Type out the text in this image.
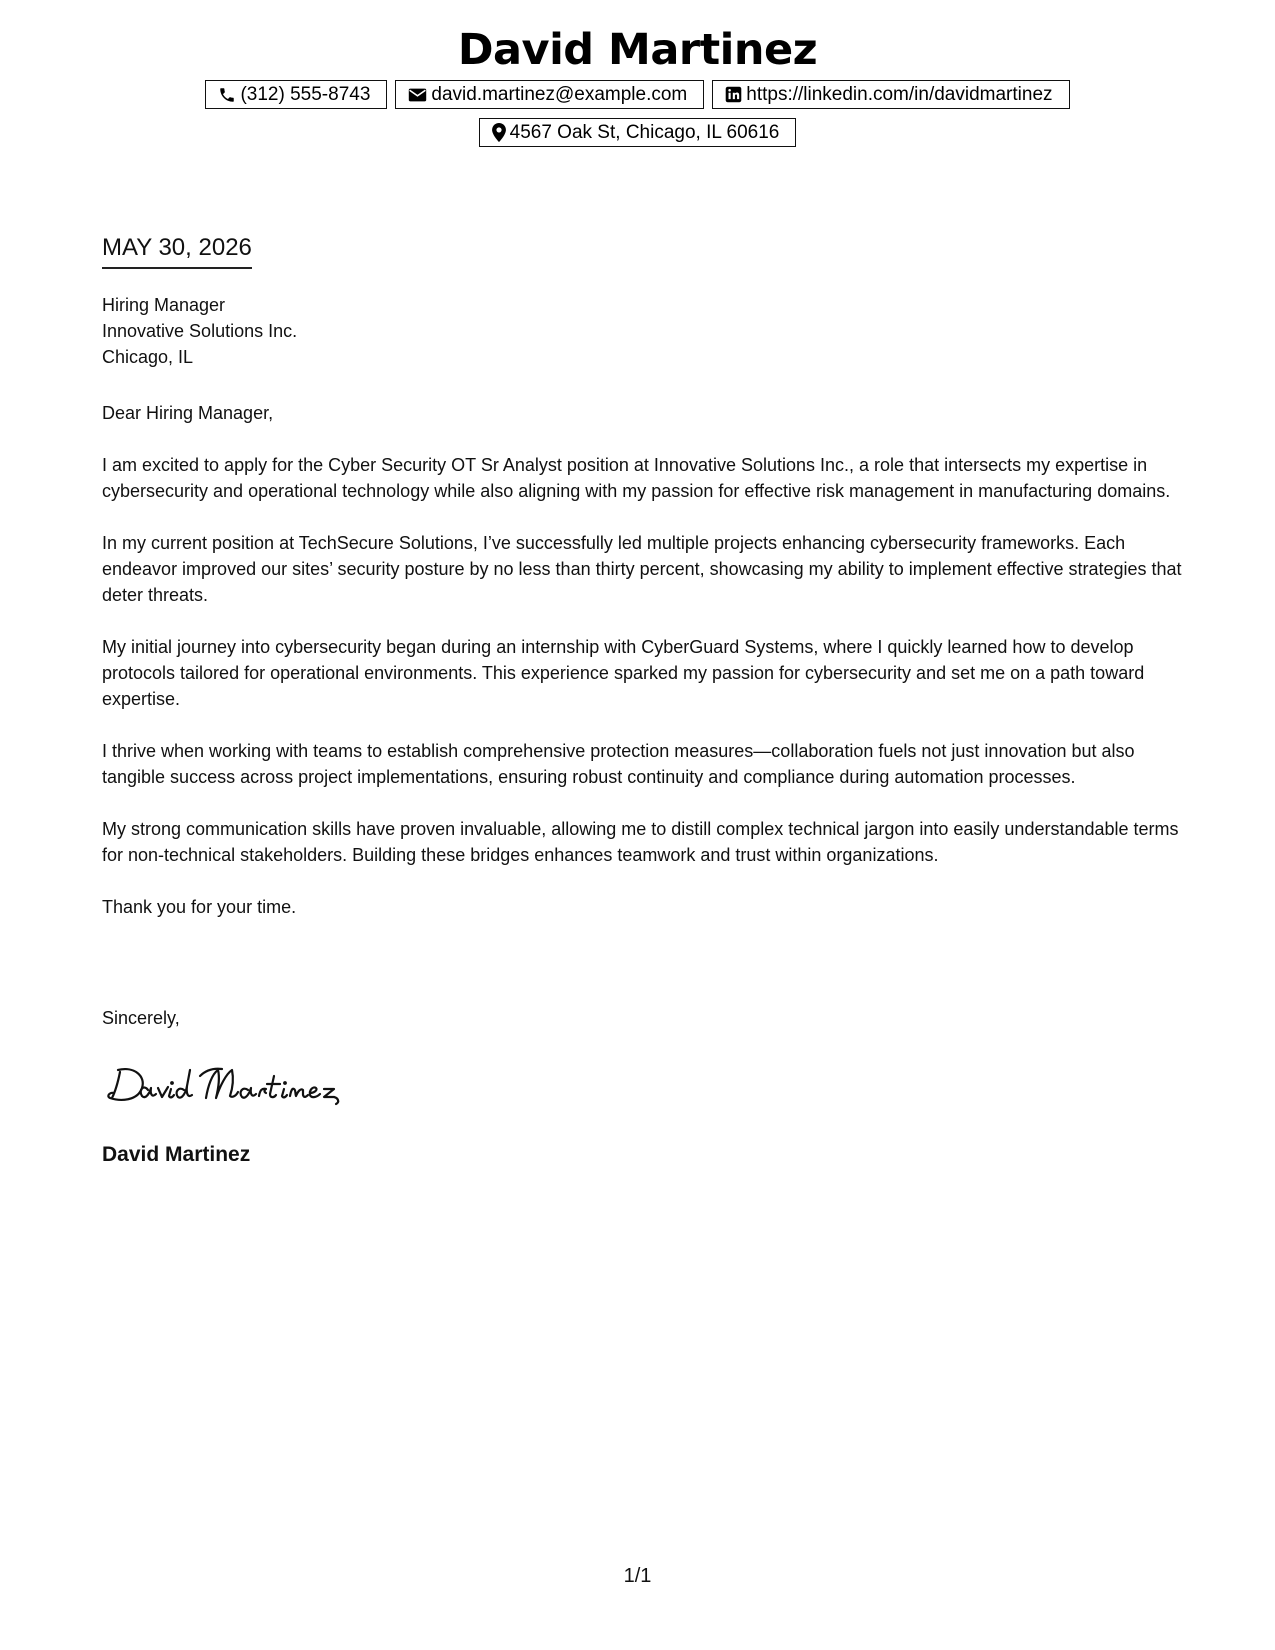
David Martinez
(312) 555-8743	david.martinez@example.com	https://linkedin.com/in/davidmartinez
4567 Oak St, Chicago, IL 60616
MAY 30, 2026
Hiring Manager
Innovative Solutions Inc.
Chicago, IL

Dear Hiring Manager,

I am excited to apply for the Cyber Security OT Sr Analyst position at Innovative Solutions Inc., a role that intersects my expertise in cybersecurity and operational technology while also aligning with my passion for effective risk management in manufacturing domains.

In my current position at TechSecure Solutions, I’ve successfully led multiple projects enhancing cybersecurity frameworks. Each endeavor improved our sites’ security posture by no less than thirty percent, showcasing my ability to implement effective strategies that deter threats.

My initial journey into cybersecurity began during an internship with CyberGuard Systems, where I quickly learned how to develop protocols tailored for operational environments. This experience sparked my passion for cybersecurity and set me on a path toward expertise.

I thrive when working with teams to establish comprehensive protection measures—collaboration fuels not just innovation but also tangible success across project implementations, ensuring robust continuity and compliance during automation processes.

My strong communication skills have proven invaluable, allowing me to distill complex technical jargon into easily understandable terms for non-technical stakeholders. Building these bridges enhances teamwork and trust within organizations.

Thank you for your time.

Sincerely,
David Martinez
1/1
